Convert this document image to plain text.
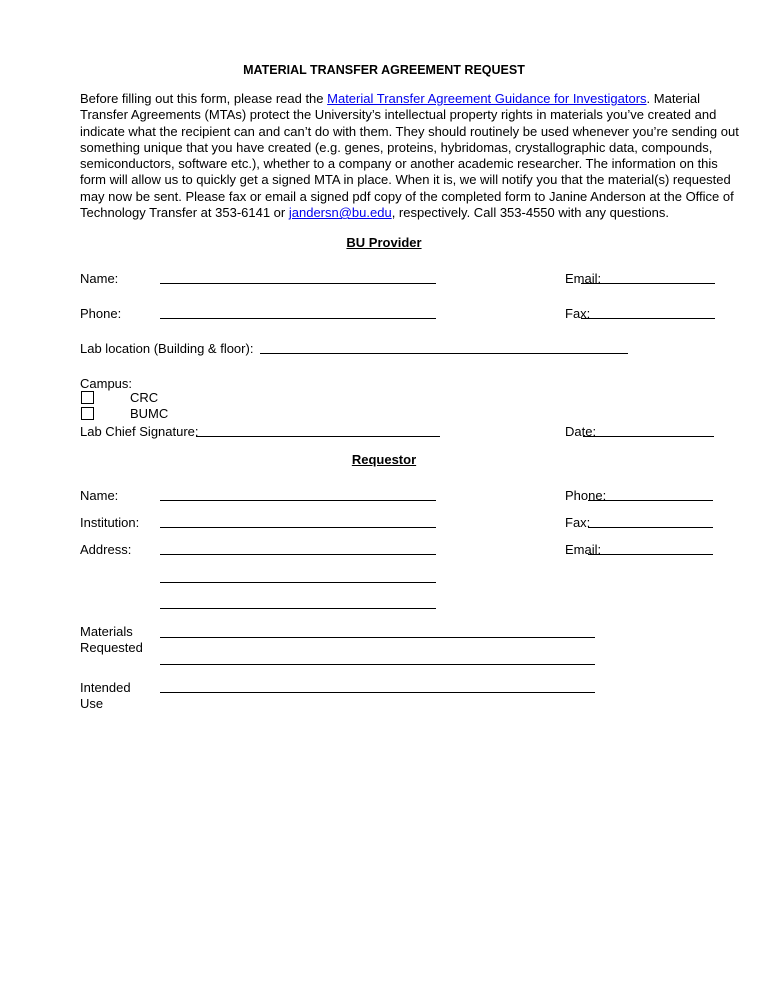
MATERIAL TRANSFER AGREEMENT REQUEST
Before filling out this form, please read the Material Transfer Agreement Guidance for Investigators. Material
Transfer Agreements (MTAs) protect the University’s intellectual property rights in materials you’ve created and
indicate what the recipient can and can’t do with them. They should routinely be used whenever you’re sending out
something unique that you have created (e.g. genes, proteins, hybridomas, crystallographic data, compounds,
semiconductors, software etc.), whether to a company or another academic researcher. The information on this
form will allow us to quickly get a signed MTA in place. When it is, we will notify you that the material(s) requested
may now be sent. Please fax or email a signed pdf copy of the completed form to Janine Anderson at the Office of
Technology Transfer at 353-6141 or jandersn@bu.edu, respectively. Call 353-4550 with any questions.
BU Provider
Name:	Email:
Phone:	Fax:
Lab location (Building & floor):
Campus:
CRC
BUMC
Lab Chief Signature:	Date:
Requestor
Name:	Phone:
Institution:	Fax:
Address:	Email:
Materials
Requested
Intended
Use
